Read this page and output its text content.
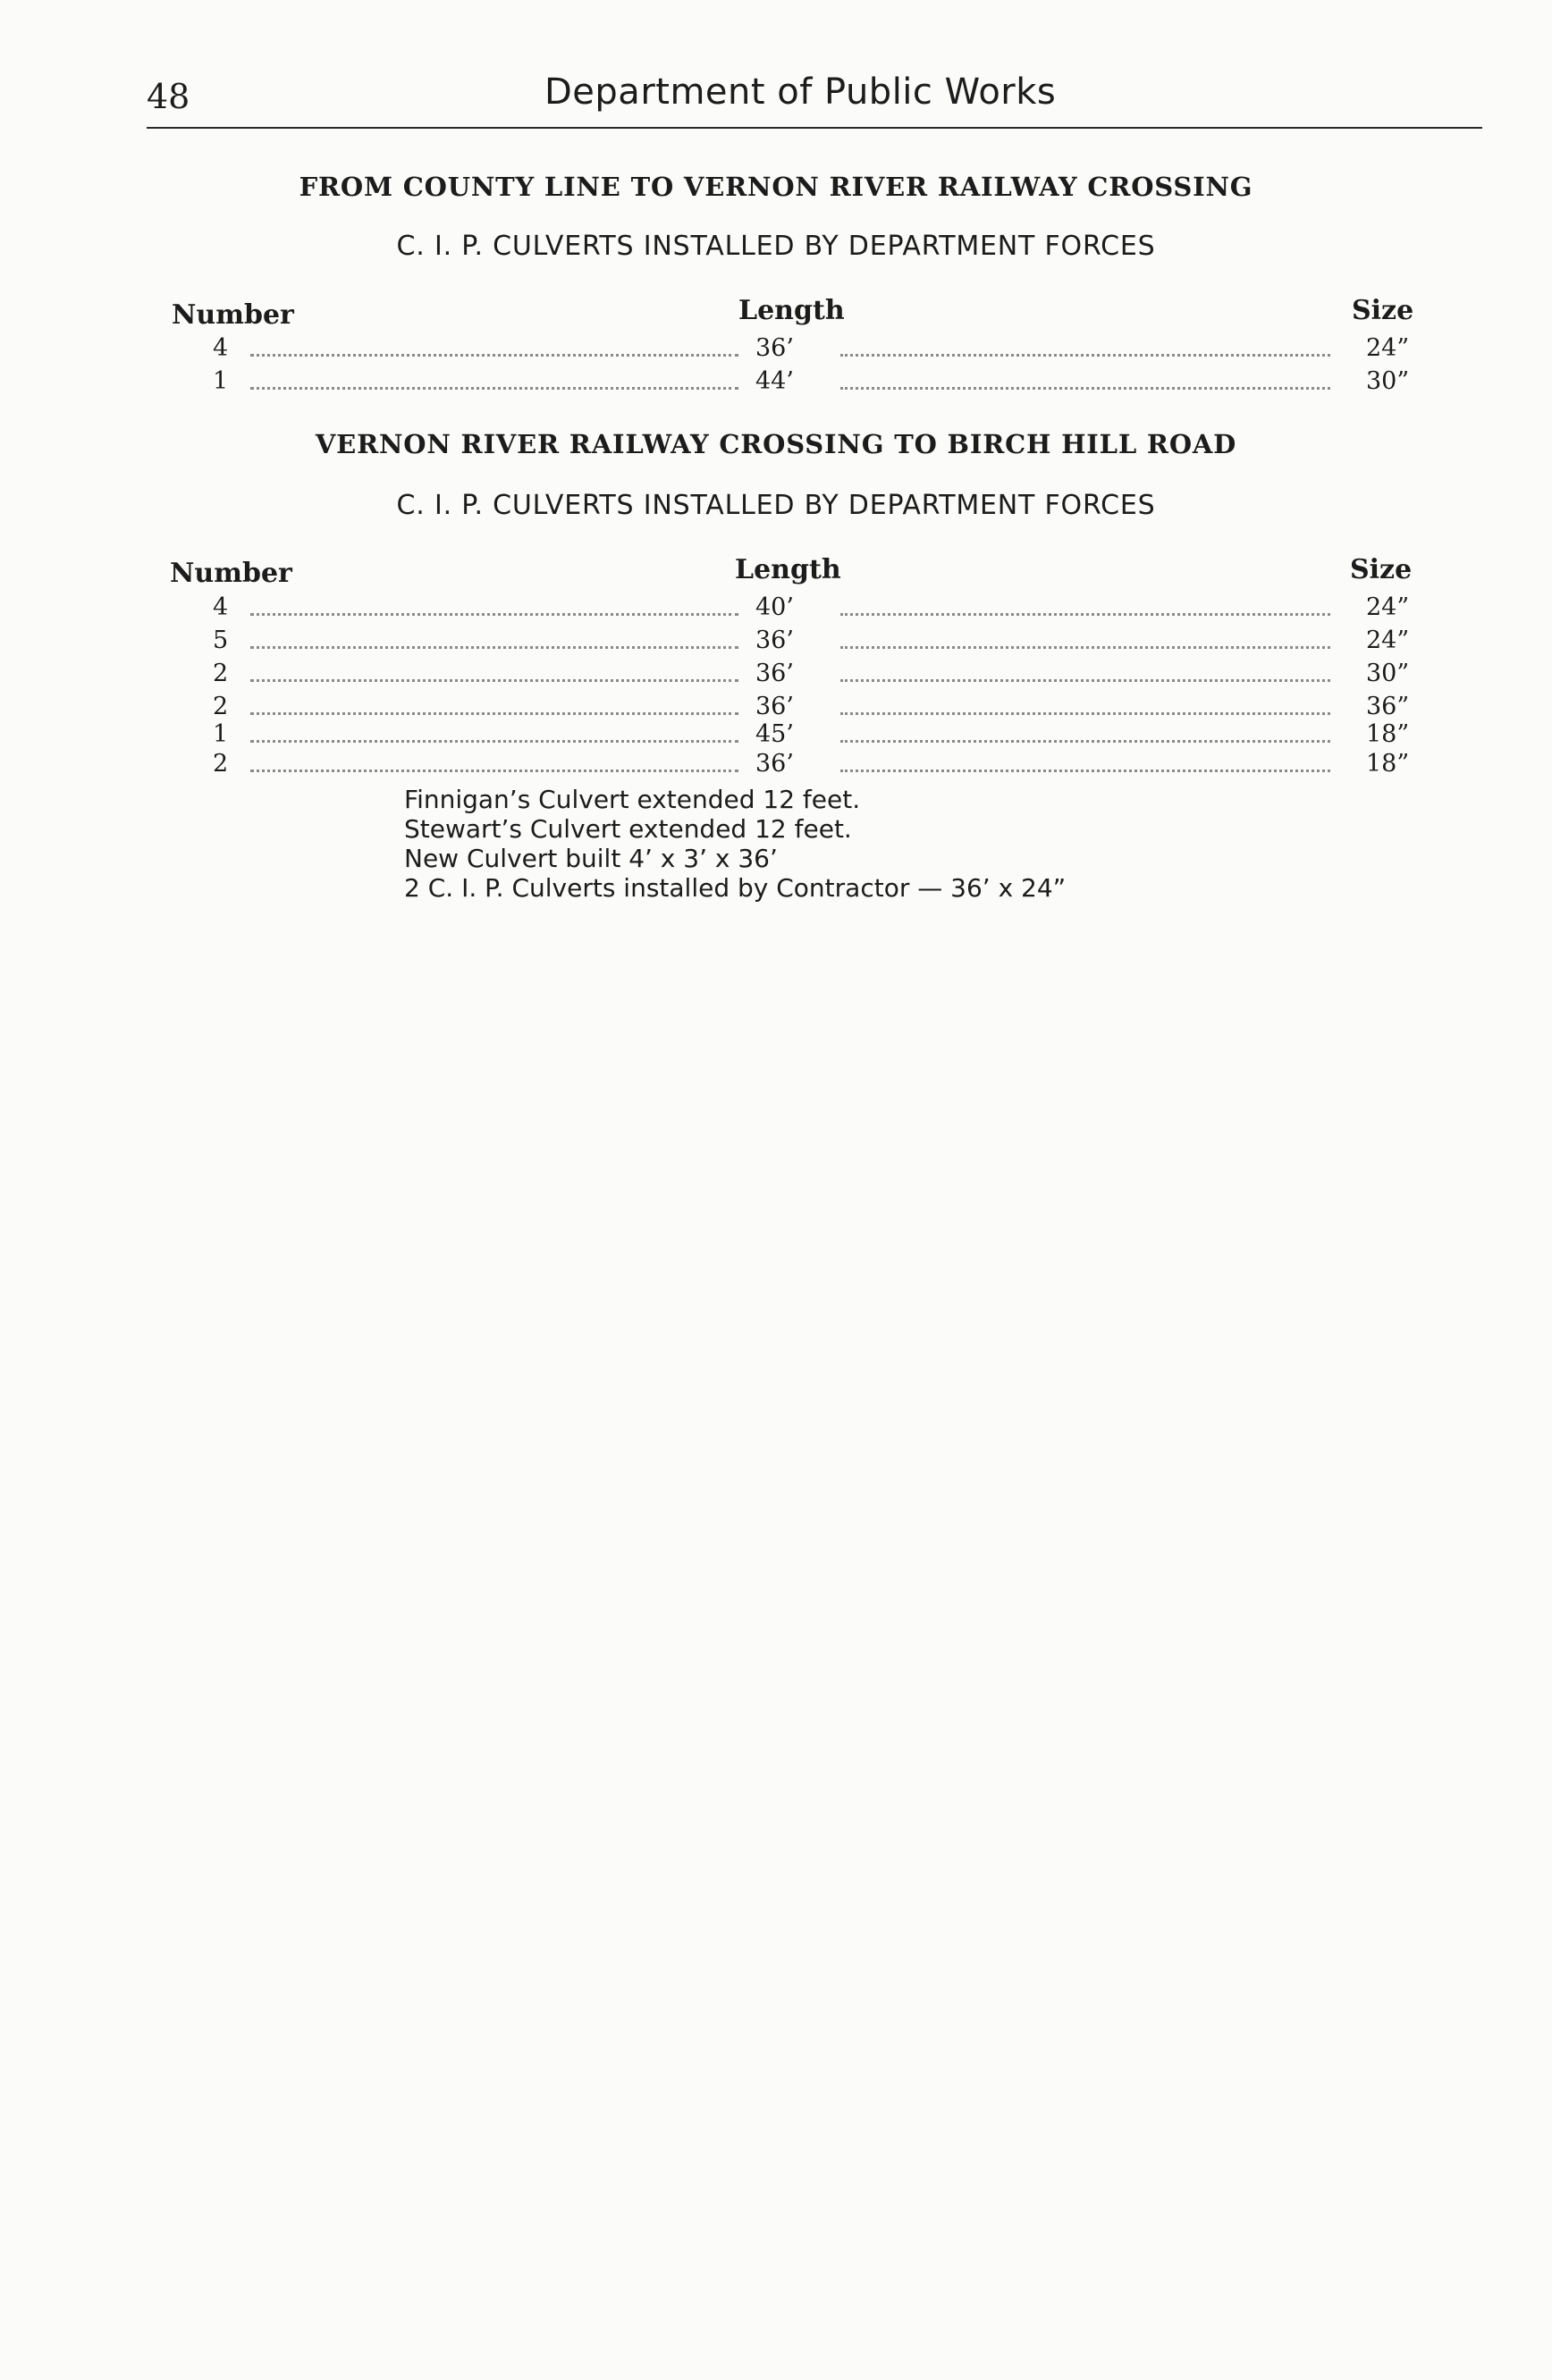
48	Department of Public Works
FROM COUNTY LINE TO VERNON RIVER RAILWAY CROSSING
C. I. P. CULVERTS INSTALLED BY DEPARTMENT FORCES
Number	Length	Size
4	36’	24”
1	44’	30”
VERNON RIVER RAILWAY CROSSING TO BIRCH HILL ROAD
C. I. P. CULVERTS INSTALLED BY DEPARTMENT FORCES
Number	Length	Size
4	40’	24”
5	36’	24”
2	36’	30”
2	36’	36”
1	45’	18”
2	36’	18”
Finnigan’s Culvert extended 12 feet.
Stewart’s Culvert extended 12 feet.
New Culvert built 4’ x 3’ x 36’
2 C. I. P. Culverts installed by Contractor — 36’ x 24”
